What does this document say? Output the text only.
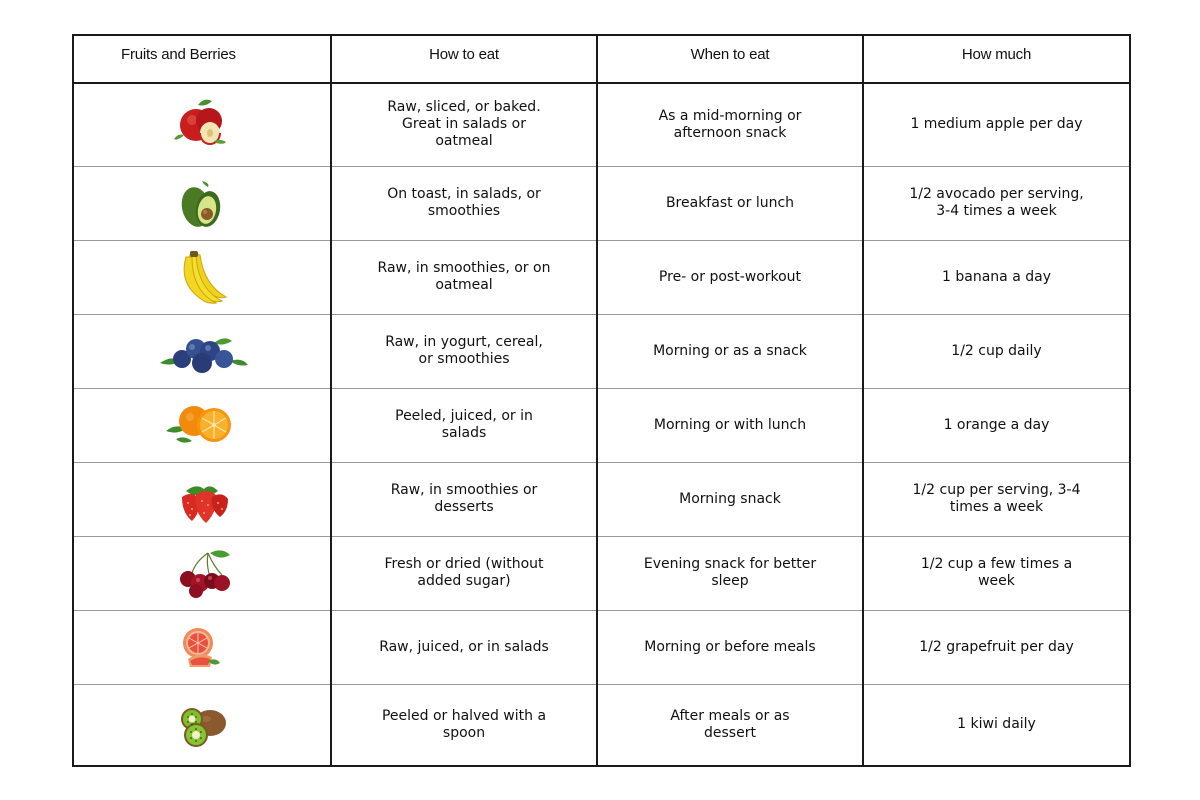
Fruits and Berries	How to eat	When to eat	How much

	Raw, sliced, or baked. Great in salads or oatmeal	As a mid-morning or afternoon snack	1 medium apple per day

	On toast, in salads, or smoothies	Breakfast or lunch	1/2 avocado per serving, 3-4 times a week

	Raw, in smoothies, or on oatmeal	Pre- or post-workout	1 banana a day

	Raw, in yogurt, cereal, or smoothies	Morning or as a snack	1/2 cup daily

	Peeled, juiced, or in salads	Morning or with lunch	1 orange a day

	Raw, in smoothies or desserts	Morning snack	1/2 cup per serving, 3-4 times a week

	Fresh or dried (without added sugar)	Evening snack for better sleep	1/2 cup a few times a week

	Raw, juiced, or in salads	Morning or before meals	1/2 grapefruit per day

	Peeled or halved with a spoon	After meals or as dessert	1 kiwi daily
